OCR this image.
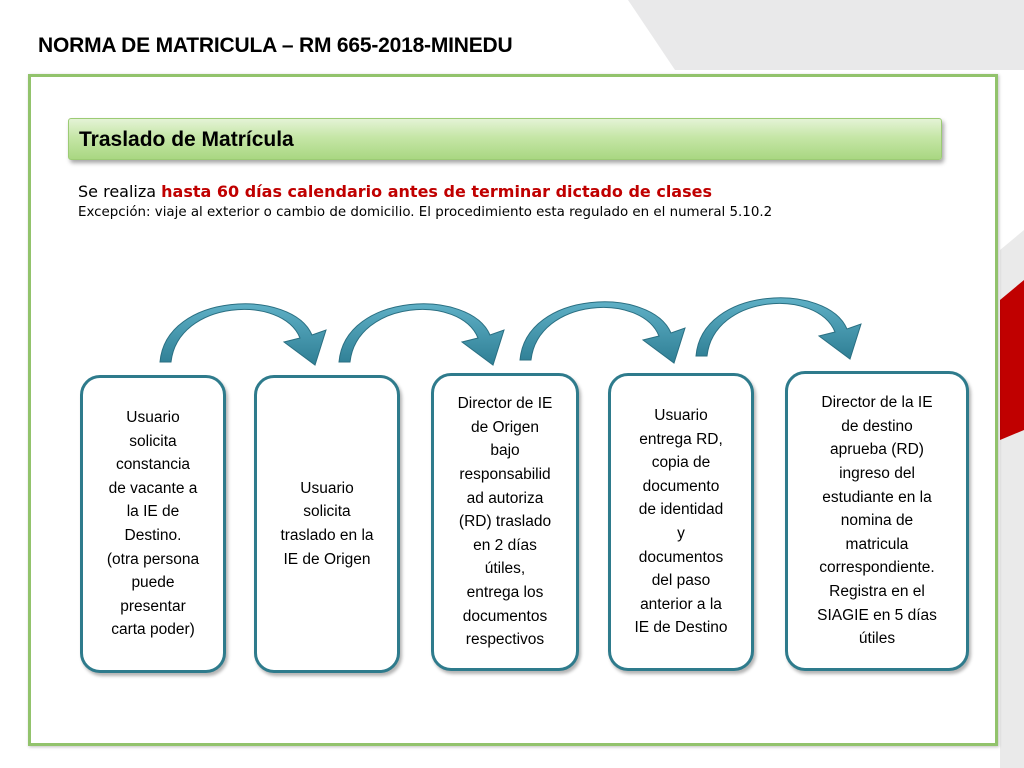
NORMA DE MATRICULA – RM 665-2018-MINEDU
Traslado de Matrícula
Se realiza hasta 60 días calendario antes de terminar dictado de clases
Excepción: viaje al exterior o cambio de domicilio. El procedimiento esta regulado en el numeral 5.10.2
Usuario
solicita
constancia
de vacante a
la IE de
Destino.
(otra persona
puede
presentar
carta poder)
Usuario
solicita
traslado en la
IE de Origen
Director de IE
de Origen
bajo
responsabilid
ad autoriza
(RD) traslado
en 2 días
útiles,
entrega los
documentos
respectivos
Usuario
entrega RD,
copia de
documento
de identidad
y
documentos
del paso
anterior a la
IE de Destino
Director de la IE
de destino
aprueba (RD)
ingreso del
estudiante en la
nomina de
matricula
correspondiente.
Registra en el
SIAGIE en 5 días
útiles
